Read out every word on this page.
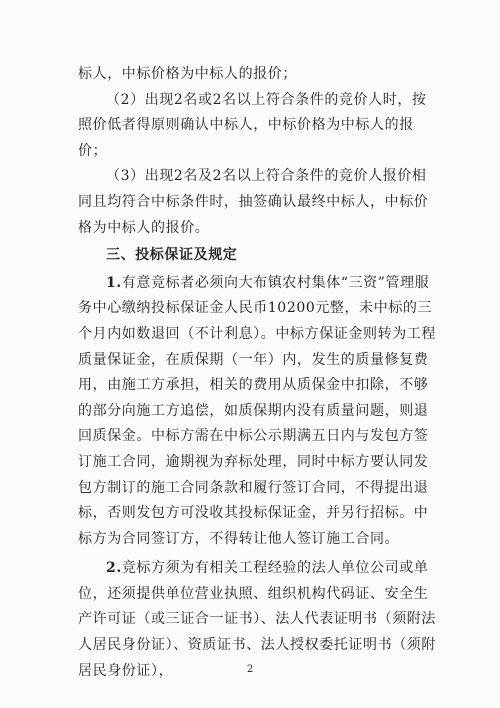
标人，中标价格为中标人的报价；

（2）出现2名或2名以上符合条件的竞价人时，按照价低者得原则确认中标人，中标价格为中标人的报价；

（3）出现2名及2名以上符合条件的竞价人报价相同且均符合中标条件时，抽签确认最终中标人，中标价格为中标人的报价。

三、投标保证及规定

1.有意竞标者必须向大布镇农村集体“三资”管理服务中心缴纳投标保证金人民币10200元整，未中标的三个月内如数退回（不计利息）。中标方保证金则转为工程质量保证金，在质保期（一年）内，发生的质量修复费用，由施工方承担，相关的费用从质保金中扣除，不够的部分向施工方追偿，如质保期内没有质量问题，则退回质保金。中标方需在中标公示期满五日内与发包方签订施工合同，逾期视为弃标处理，同时中标方要认同发包方制订的施工合同条款和履行签订合同，不得提出退标，否则发包方可没收其投标保证金，并另行招标。中标方为合同签订方，不得转让他人签订施工合同。

2.竞标方须为有相关工程经验的法人单位公司或单位，还须提供单位营业执照、组织机构代码证、安全生产许可证（或三证合一证书）、法人代表证明书（须附法人居民身份证）、资质证书、法人授权委托证明书（须附居民身份证），	2
